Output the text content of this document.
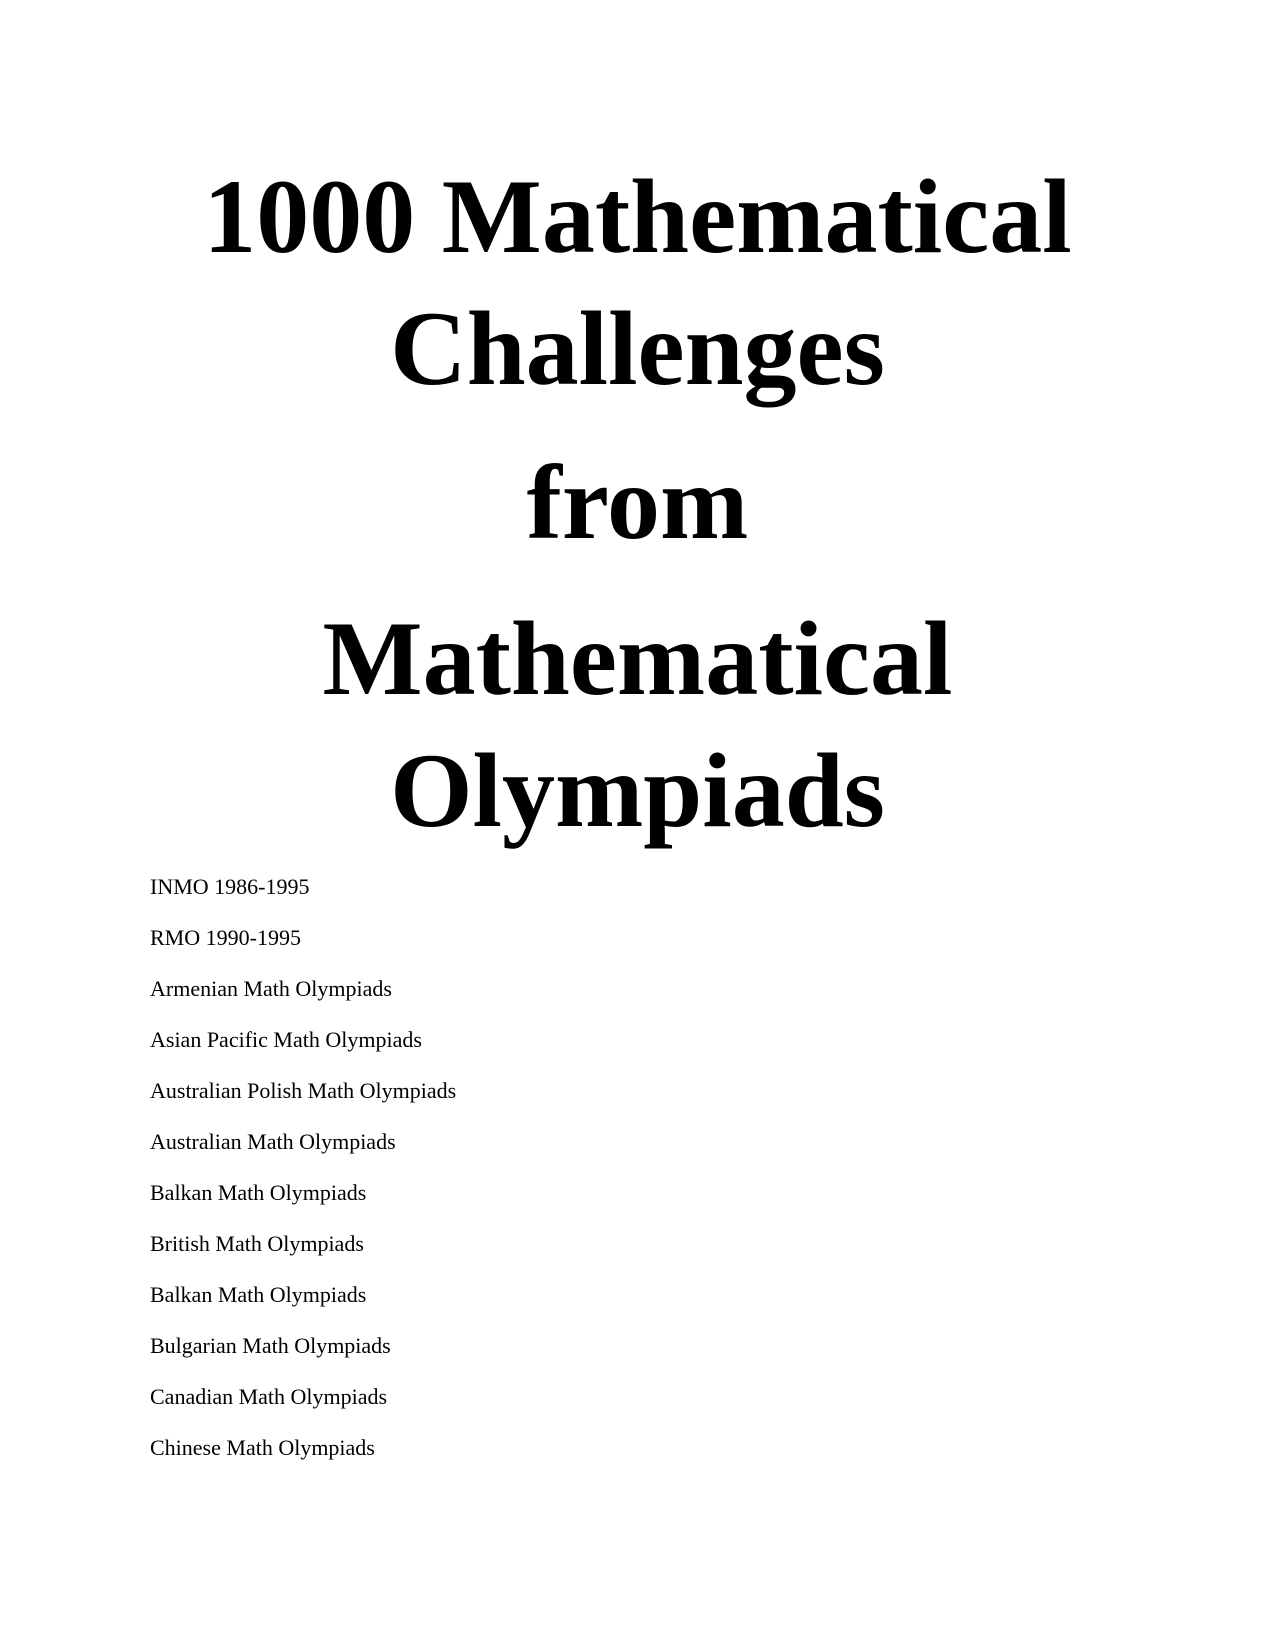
1000 Mathematical
Challenges
from
Mathematical
Olympiads
INMO 1986-1995
RMO 1990-1995
Armenian Math Olympiads
Asian Pacific Math Olympiads
Australian Polish Math Olympiads
Australian Math Olympiads
Balkan Math Olympiads
British Math Olympiads
Balkan Math Olympiads
Bulgarian Math Olympiads
Canadian Math Olympiads
Chinese Math Olympiads
